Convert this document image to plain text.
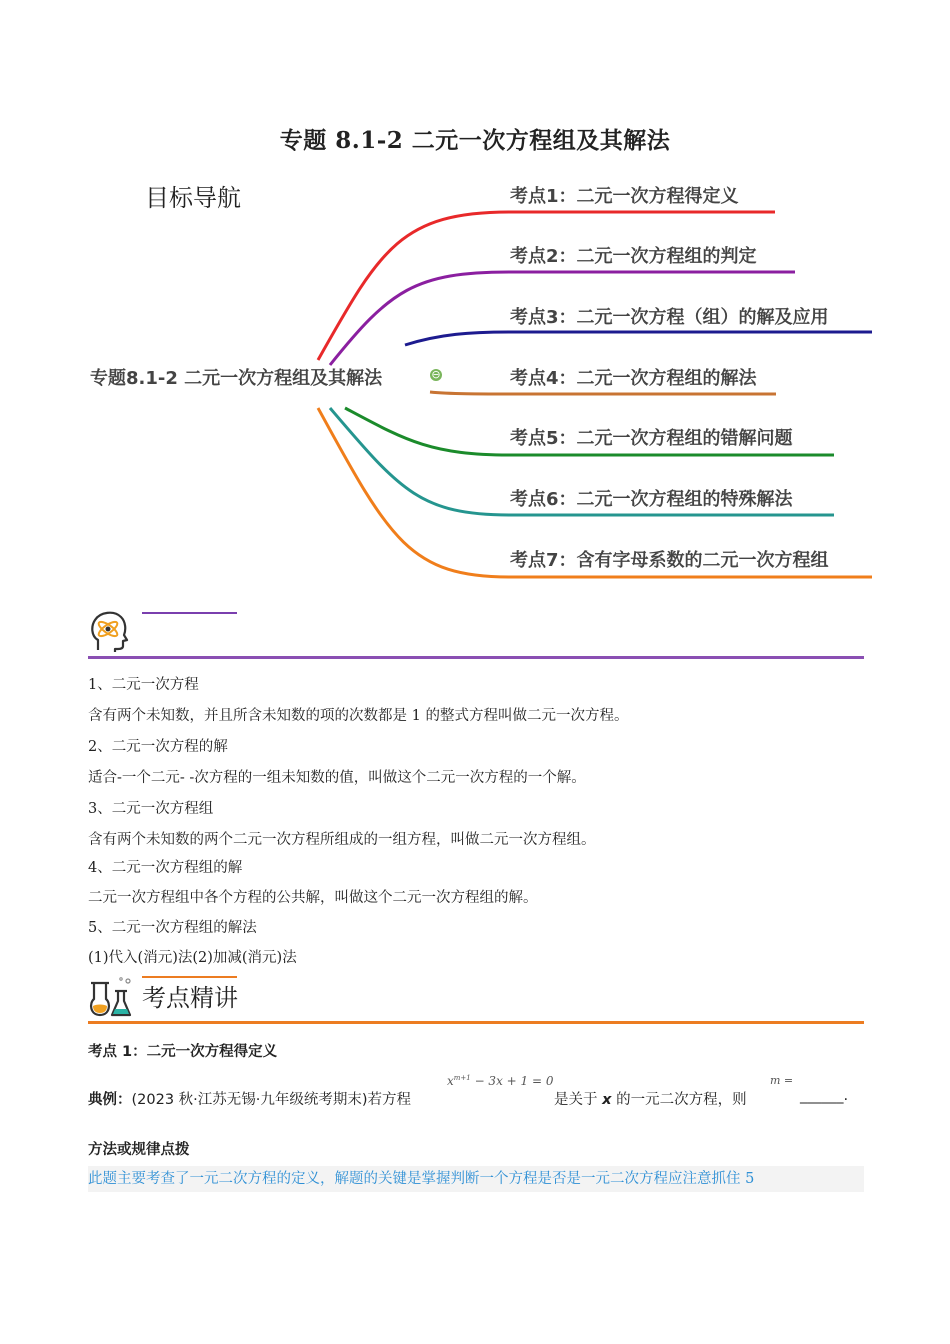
专题 8.1-2 二元一次方程组及其解法
目标导航
专题8.1-2 二元一次方程组及其解法	⊖
考点1：二元一次方程得定义
考点2：二元一次方程组的判定
考点3：二元一次方程（组）的解及应用
考点4：二元一次方程组的解法
考点5：二元一次方程组的错解问题
考点6：二元一次方程组的特殊解法
考点7：含有字母系数的二元一次方程组
1、二元一次方程
含有两个未知数，并且所含未知数的项的次数都是 1 的整式方程叫做二元一次方程。
2、二元一次方程的解
适合-一个二元- -次方程的一组未知数的值，叫做这个二元一次方程的一个解。
3、二元一次方程组
含有两个未知数的两个二元一次方程所组成的一组方程，叫做二元一次方程组。
4、二元一次方程组的解
二元一次方程组中各个方程的公共解，叫做这个二元一次方程组的解。
5、二元一次方程组的解法
(1)代入(消元)法(2)加减(消元)法
考点精讲
考点 1：二元一次方程得定义
典例：(2023 秋·江苏无锡·九年级统考期末)若方程
$x^{m+1} - 3x + 1 = 0$
是关于 x 的一元二次方程，则
m =
______.
方法或规律点拨
此题主要考查了一元二次方程的定义，解题的关键是掌握判断一个方程是否是一元二次方程应注意抓住 5
